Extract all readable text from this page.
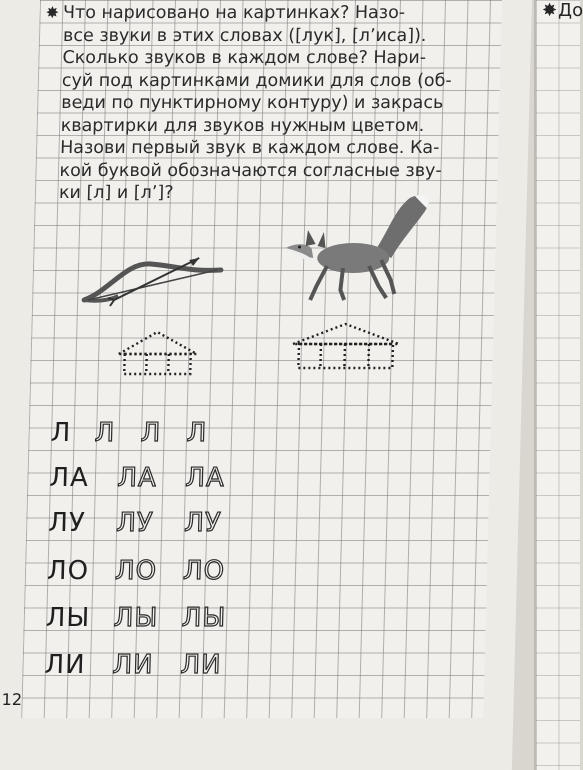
✸ Что нарисовано на картинках? Назо-
все звуки в этих словах ([лук], [л’иса]).
Сколько звуков в каждом слове? Нари-
суй под картинками домики для слов (об-
веди по пунктирному контуру) и закрась
квартирки для звуков нужным цветом.
Назови первый звук в каждом слове. Ка-
кой буквой обозначаются согласные зву-
ки [л] и [л’]?
Л Л Л Л
ЛА ЛА ЛА
ЛУ ЛУ ЛУ
ЛО ЛО ЛО
ЛЫ ЛЫ ЛЫ
ЛИ ЛИ ЛИ
12
✸ До
